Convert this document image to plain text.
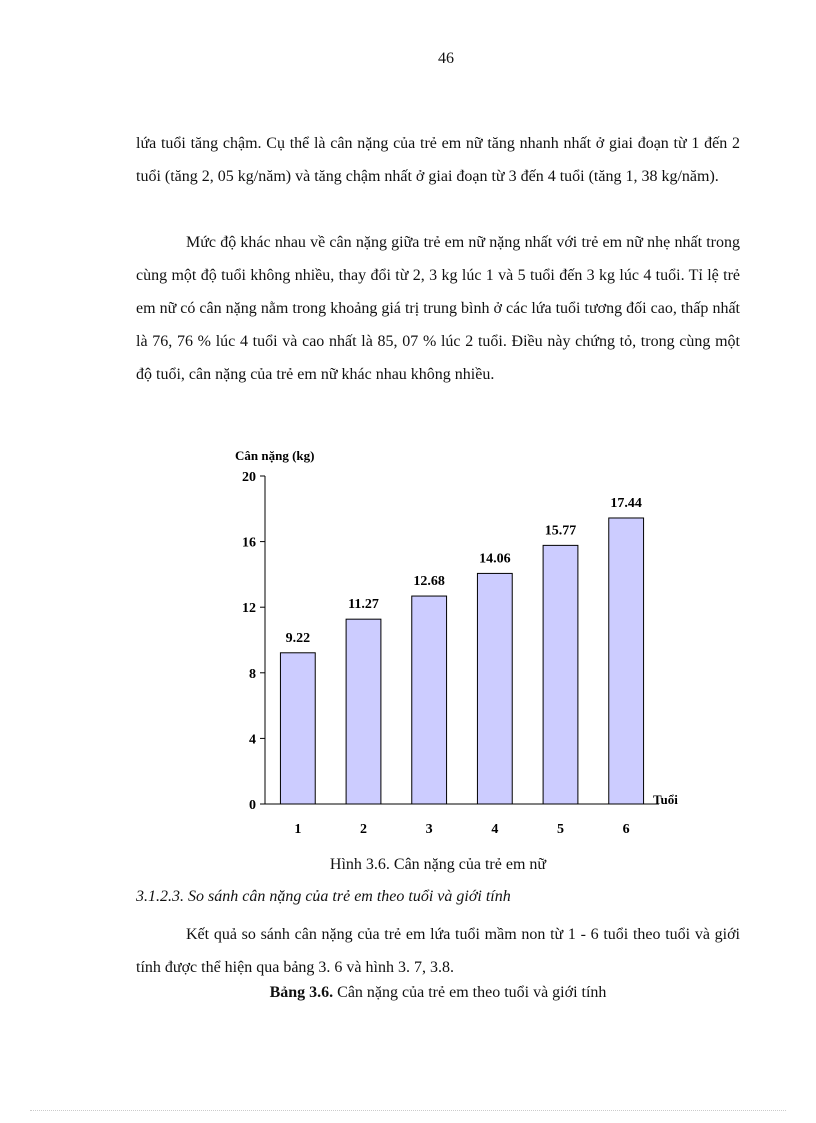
46

lứa tuổi tăng chậm. Cụ thể là cân nặng của trẻ em nữ tăng nhanh nhất ở giai đoạn từ 1 đến 2 tuổi (tăng 2, 05 kg/năm) và tăng chậm nhất ở giai đoạn từ 3 đến 4 tuổi (tăng 1, 38 kg/năm).

Mức độ khác nhau về cân nặng giữa trẻ em nữ nặng nhất với trẻ em nữ nhẹ nhất trong cùng một độ tuổi không nhiều, thay đổi từ 2, 3 kg lúc 1 và 5 tuổi đến 3 kg lúc 4 tuổi. Tỉ lệ trẻ em nữ có cân nặng nằm trong khoảng giá trị trung bình ở các lứa tuổi tương đối cao, thấp nhất là 76, 76 % lúc 4 tuổi và cao nhất là 85, 07 % lúc 2 tuổi. Điều này chứng tỏ, trong cùng một độ tuổi, cân nặng của trẻ em nữ khác nhau không nhiều.

Cân nặng (kg)
0
4
8
12
16
20
9.22
1
11.27
2
12.68
3
14.06
4
15.77
5
17.44
6
Tuổi
Hình 3.6. Cân nặng của trẻ em nữ
3.1.2.3. So sánh cân nặng của trẻ em theo tuổi và giới tính

Kết quả so sánh cân nặng của trẻ em lứa tuổi mầm non từ 1 - 6 tuổi theo tuổi và giới tính được thể hiện qua bảng 3. 6 và hình 3. 7, 3.8.

Bảng 3.6. Cân nặng của trẻ em theo tuổi và giới tính
